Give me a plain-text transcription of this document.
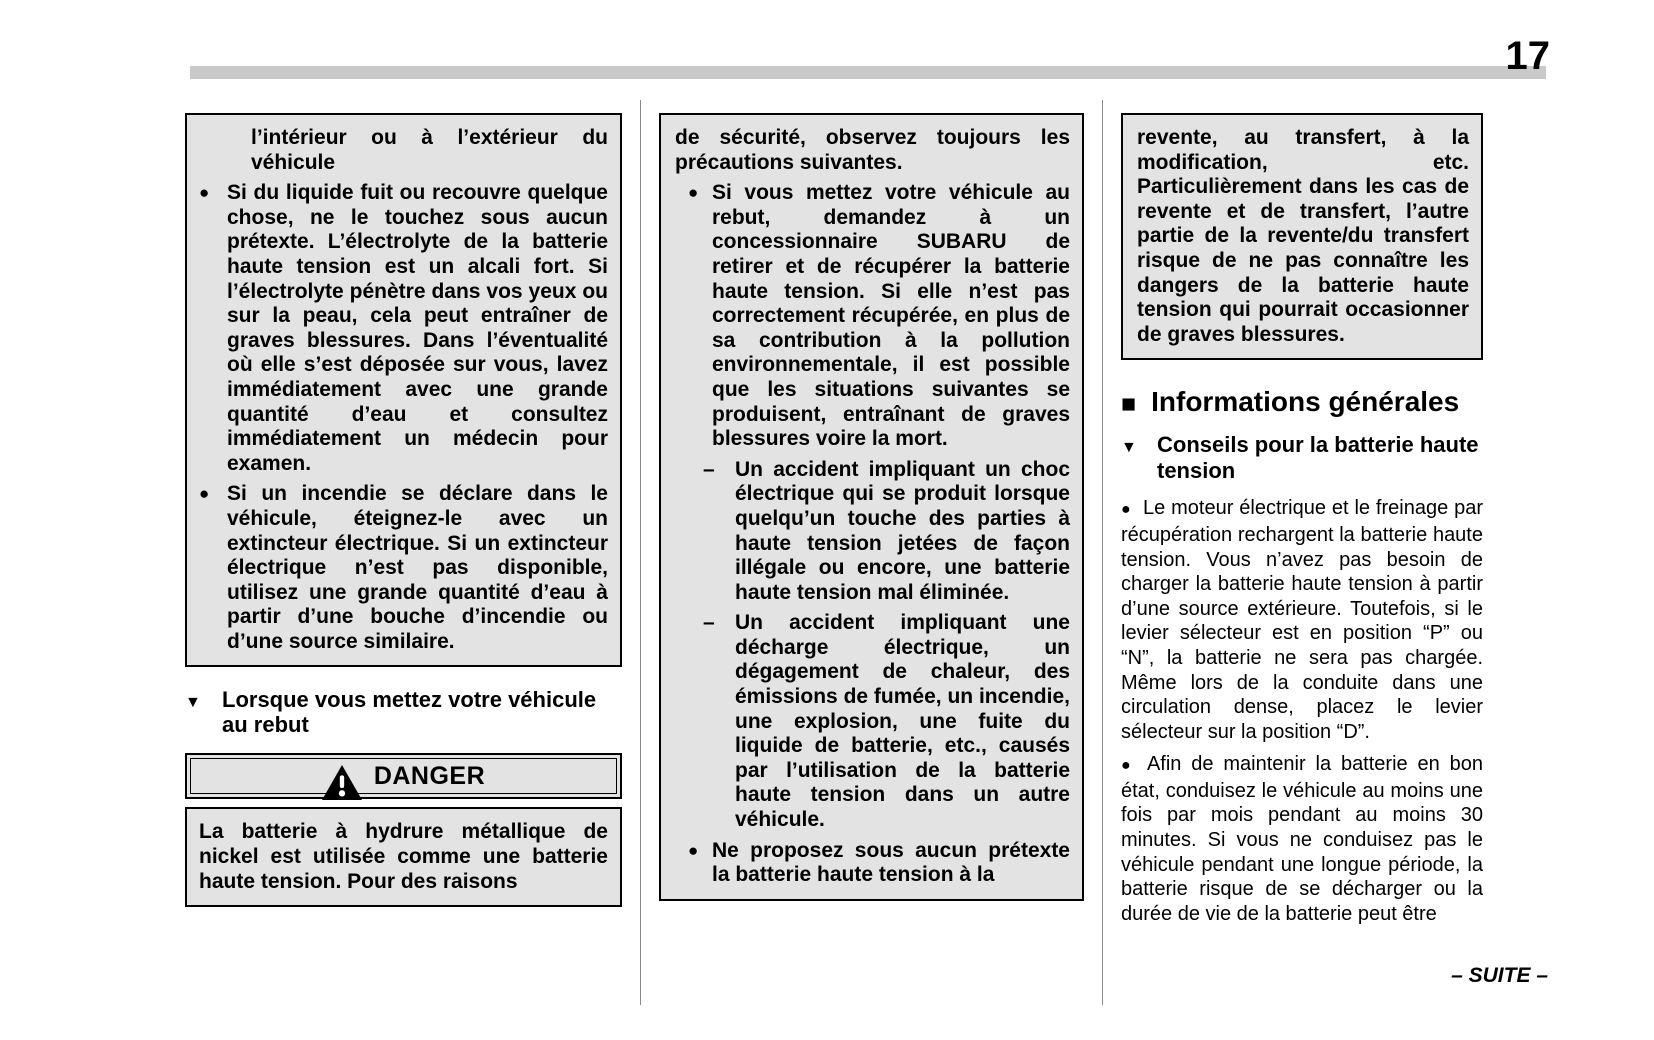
17

l’intérieur ou à l’extérieur du véhicule

● Si du liquide fuit ou recouvre quelque chose, ne le touchez sous aucun prétexte. L’électrolyte de la batterie haute tension est un alcali fort. Si l’électrolyte pénètre dans vos yeux ou sur la peau, cela peut entraîner de graves blessures. Dans l’éventualité où elle s’est déposée sur vous, lavez immédiatement avec une grande quantité d’eau et consultez immédiatement un médecin pour examen.

● Si un incendie se déclare dans le véhicule, éteignez-le avec un extincteur électrique. Si un extincteur électrique n’est pas disponible, utilisez une grande quantité d’eau à partir d’une bouche d’incendie ou d’une source similaire.

▼ Lorsque vous mettez votre véhicule au rebut
DANGER

La batterie à hydrure métallique de nickel est utilisée comme une batterie haute tension. Pour des raisons

de sécurité, observez toujours les précautions suivantes.

● Si vous mettez votre véhicule au rebut, demandez à un concessionnaire SUBARU de retirer et de récupérer la batterie haute tension. Si elle n’est pas correctement récupérée, en plus de sa contribution à la pollution environnementale, il est possible que les situations suivantes se produisent, entraînant de graves blessures voire la mort.

– Un accident impliquant un choc électrique qui se produit lorsque quelqu’un touche des parties à haute tension jetées de façon illégale ou encore, une batterie haute tension mal éliminée.

– Un accident impliquant une décharge électrique, un dégagement de chaleur, des émissions de fumée, un incendie, une explosion, une fuite du liquide de batterie, etc., causés par l’utilisation de la batterie haute tension dans un autre véhicule.

● Ne proposez sous aucun prétexte la batterie haute tension à la

revente, au transfert, à la modification, etc. Particulièrement dans les cas de revente et de transfert, l’autre partie de la revente/du transfert risque de ne pas connaître les dangers de la batterie haute tension qui pourrait occasionner de graves blessures.

■ Informations générales
▼ Conseils pour la batterie haute tension

● Le moteur électrique et le freinage par récupération rechargent la batterie haute tension. Vous n’avez pas besoin de charger la batterie haute tension à partir d’une source extérieure. Toutefois, si le levier sélecteur est en position “P” ou “N”, la batterie ne sera pas chargée. Même lors de la conduite dans une circulation dense, placez le levier sélecteur sur la position “D”.

● Afin de maintenir la batterie en bon état, conduisez le véhicule au moins une fois par mois pendant au moins 30 minutes. Si vous ne conduisez pas le véhicule pendant une longue période, la batterie risque de se décharger ou la durée de vie de la batterie peut être

– SUITE –
